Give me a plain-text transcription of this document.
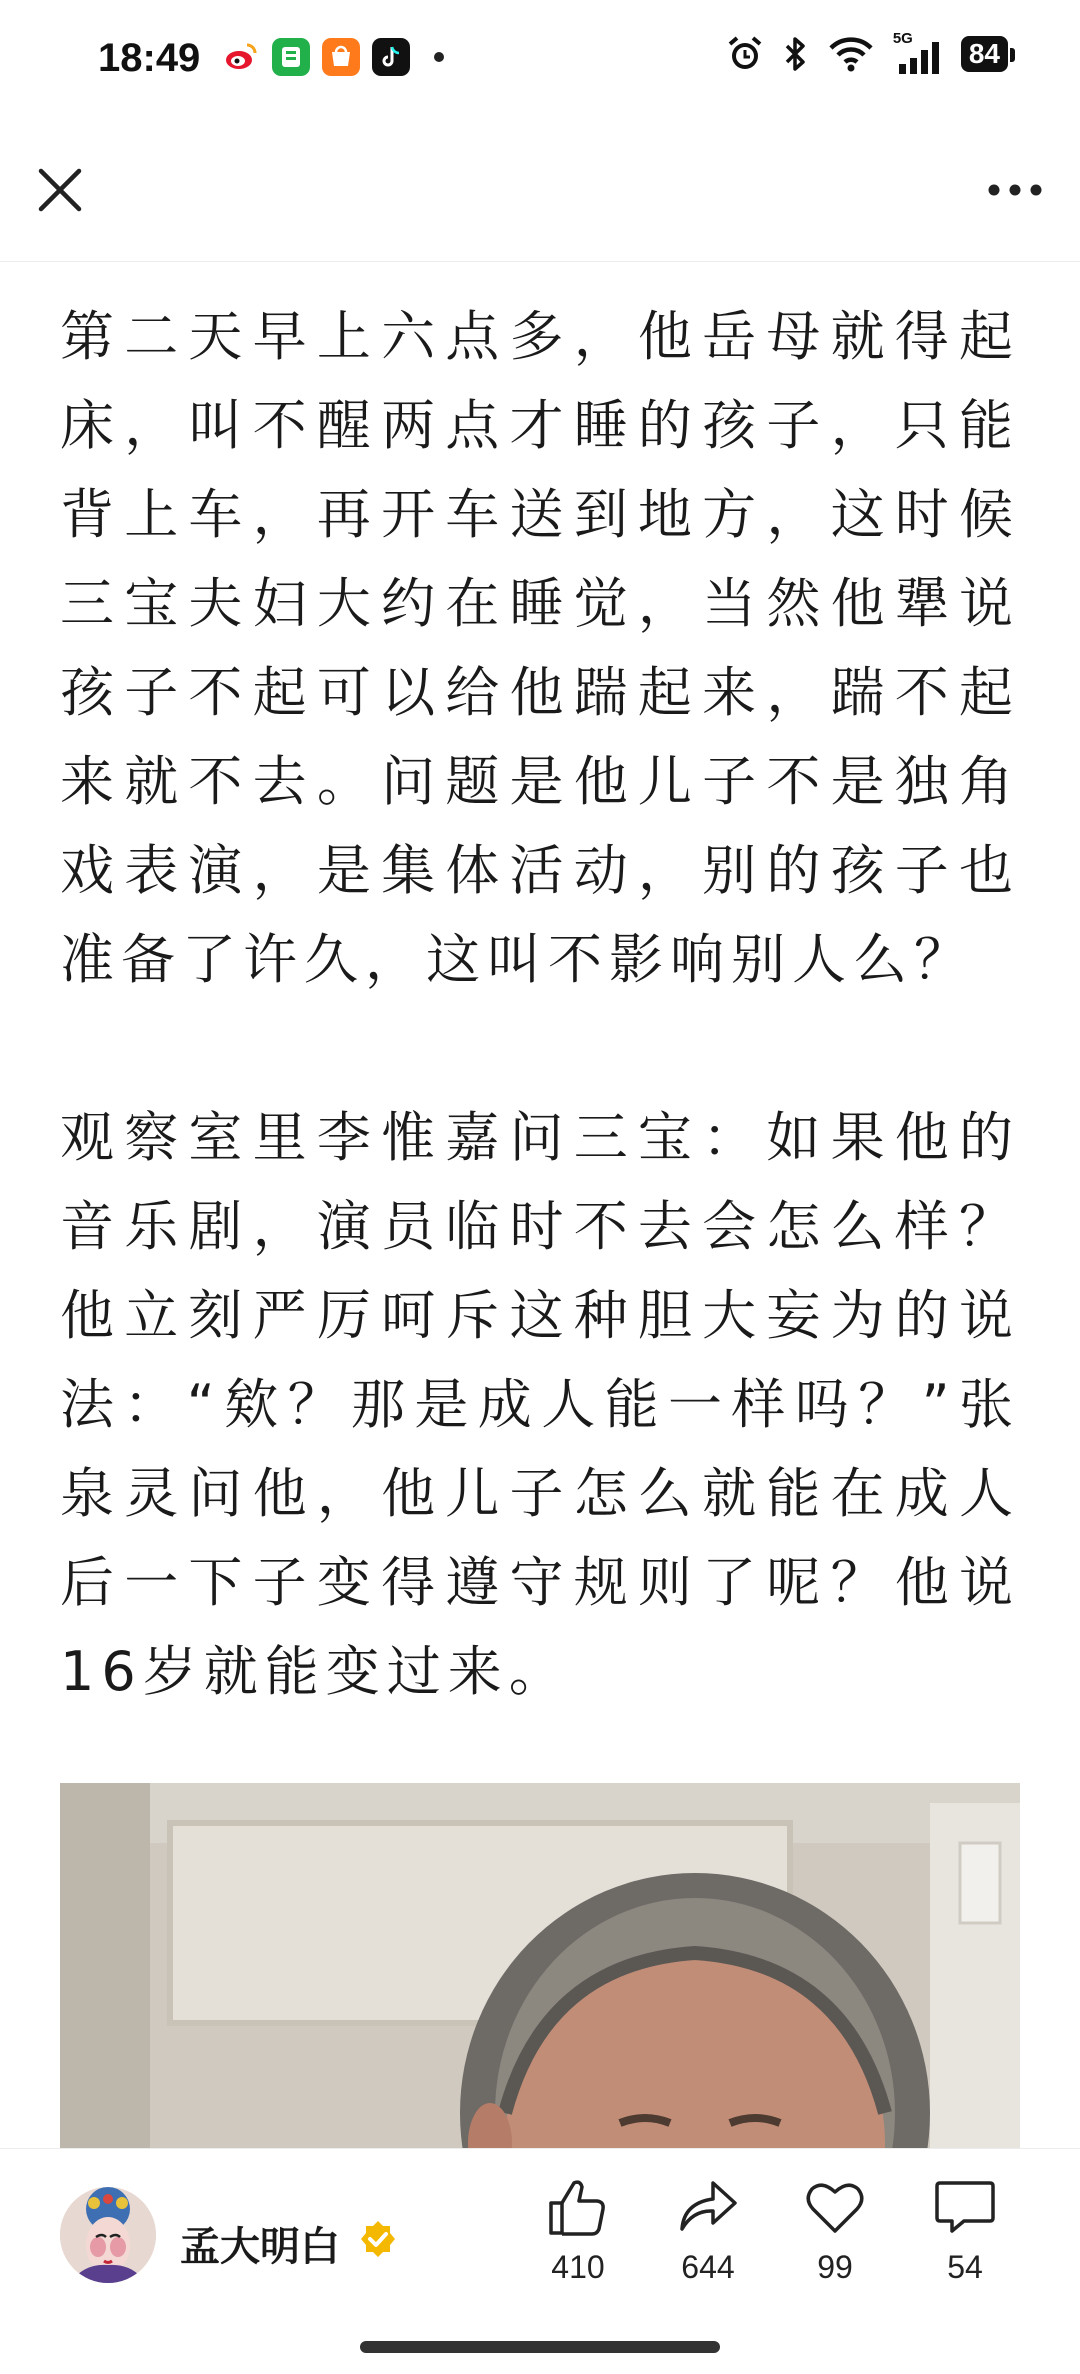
18:49	5G 84

第二天早上六点多，他岳母就得起床，叫不醒两点才睡的孩子，只能背上车，再开车送到地方，这时候三宝夫妇大约在睡觉，当然他犟说孩子不起可以给他踹起来，踹不起来就不去。问题是他儿子不是独角戏表演，是集体活动，别的孩子也准备了许久，这叫不影响别人么？

观察室里李惟嘉问三宝：如果他的音乐剧，演员临时不去会怎么样？他立刻严厉呵斥这种胆大妄为的说法：“欸？那是成人能一样吗？”张泉灵问他，他儿子怎么就能在成人后一下子变得遵守规则了呢？他说16岁就能变过来。

孟大明白	410 644	99	54
